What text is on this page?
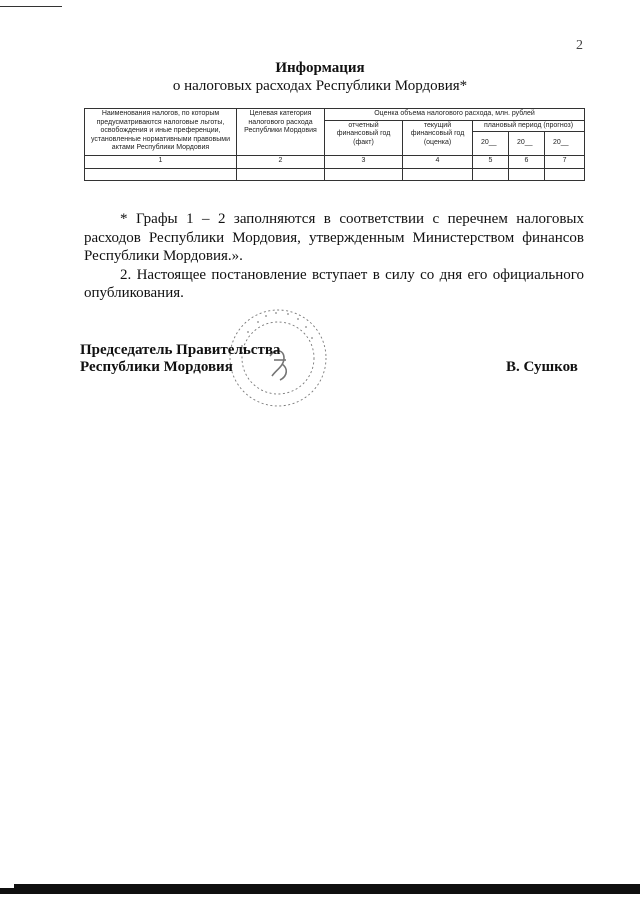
2
Информация
о налоговых расходах Республики Мордовия*
Наименования налогов, по которым предусматриваются налоговые льготы, освобождения и иные преференции, установленные нормативными правовыми актами Республики Мордовия	Целевая категория налогового расхода Республики Мордовия	Оценка объема налогового расхода, млн. рублей				
		отчетный финансовый год (факт)	текущий финансовый год (оценка)	плановый период (прогноз)		
				20__	20__	20__
1	2	3	4	5	6	7

* Графы 1 – 2 заполняются в соответствии с перечнем налоговых расходов Республики Мордовия, утвержденным Министерством финансов Республики Мордовия.».

2. Настоящее постановление вступает в силу со дня его официального опубликования.

Председатель Правительства
Республики Мордовия	В. Сушков
